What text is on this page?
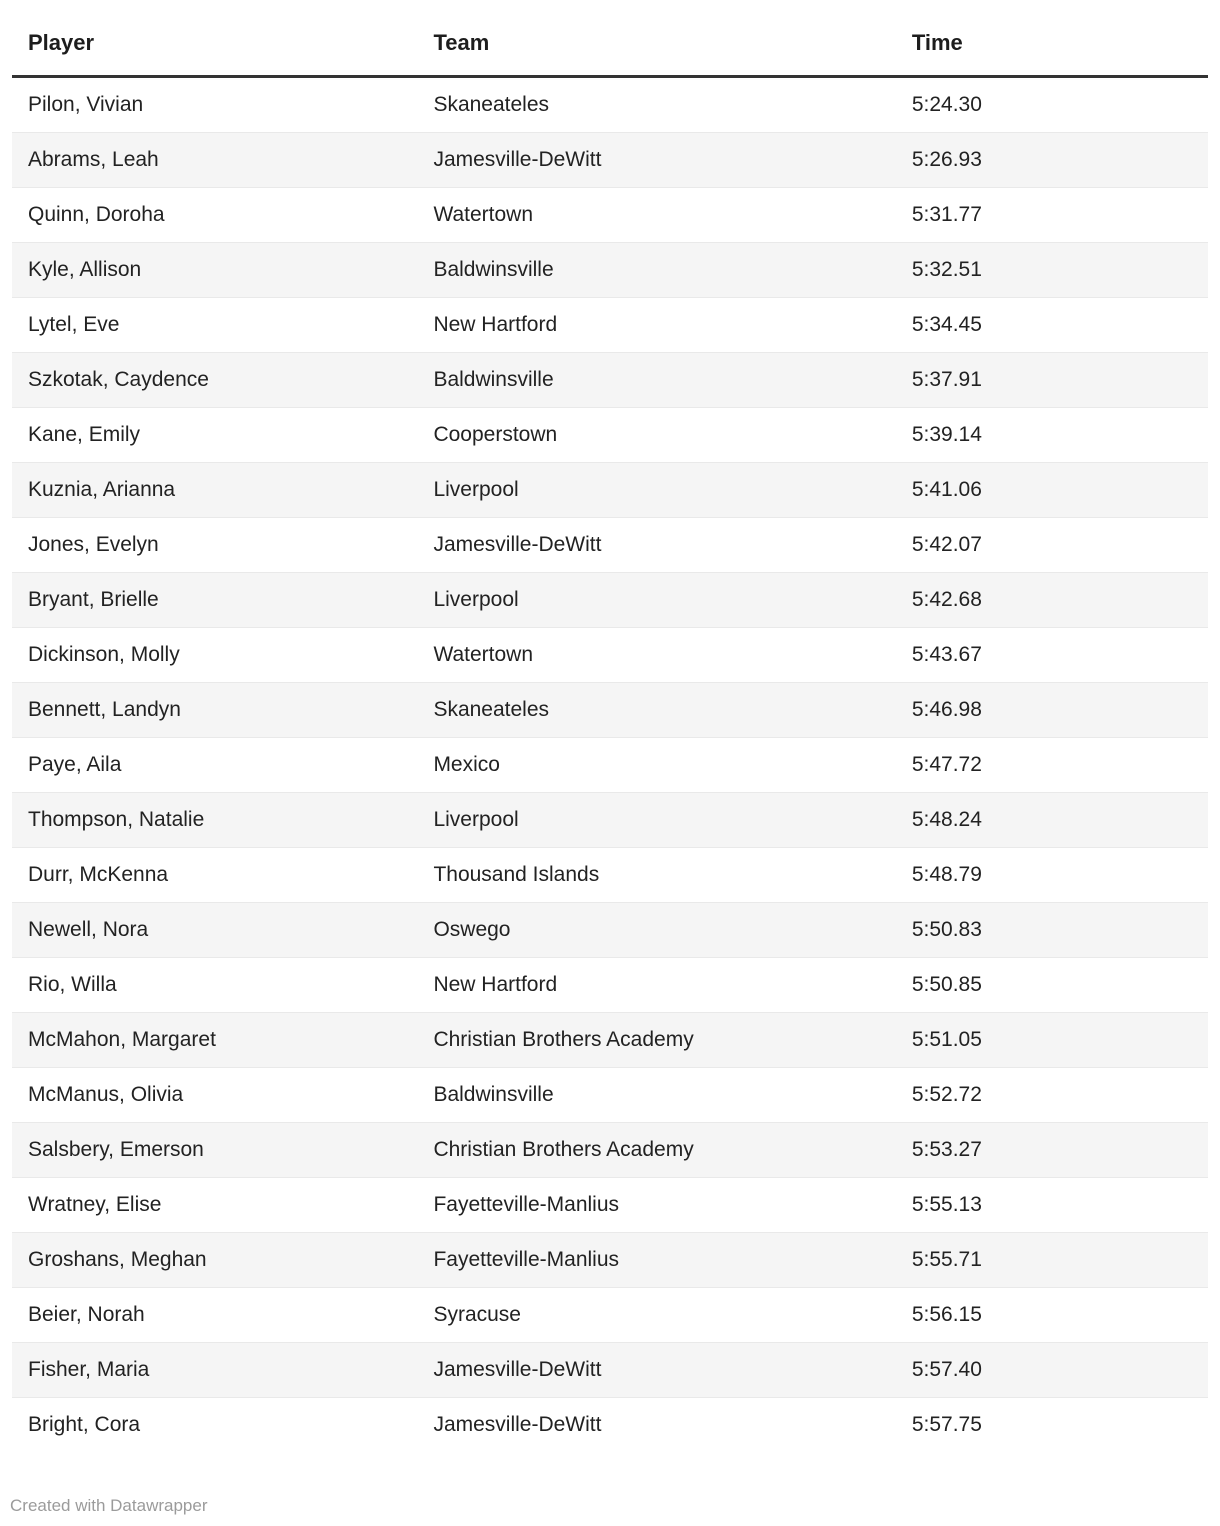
Player	Team	Time
Pilon, Vivian	Skaneateles	5:24.30
Abrams, Leah	Jamesville-DeWitt	5:26.93
Quinn, Doroha	Watertown	5:31.77
Kyle, Allison	Baldwinsville	5:32.51
Lytel, Eve	New Hartford	5:34.45
Szkotak, Caydence	Baldwinsville	5:37.91
Kane, Emily	Cooperstown	5:39.14
Kuznia, Arianna	Liverpool	5:41.06
Jones, Evelyn	Jamesville-DeWitt	5:42.07
Bryant, Brielle	Liverpool	5:42.68
Dickinson, Molly	Watertown	5:43.67
Bennett, Landyn	Skaneateles	5:46.98
Paye, Aila	Mexico	5:47.72
Thompson, Natalie	Liverpool	5:48.24
Durr, McKenna	Thousand Islands	5:48.79
Newell, Nora	Oswego	5:50.83
Rio, Willa	New Hartford	5:50.85
McMahon, Margaret	Christian Brothers Academy	5:51.05
McManus, Olivia	Baldwinsville	5:52.72
Salsbery, Emerson	Christian Brothers Academy	5:53.27
Wratney, Elise	Fayetteville-Manlius	5:55.13
Groshans, Meghan	Fayetteville-Manlius	5:55.71
Beier, Norah	Syracuse	5:56.15
Fisher, Maria	Jamesville-DeWitt	5:57.40
Bright, Cora	Jamesville-DeWitt	5:57.75
Created with Datawrapper
